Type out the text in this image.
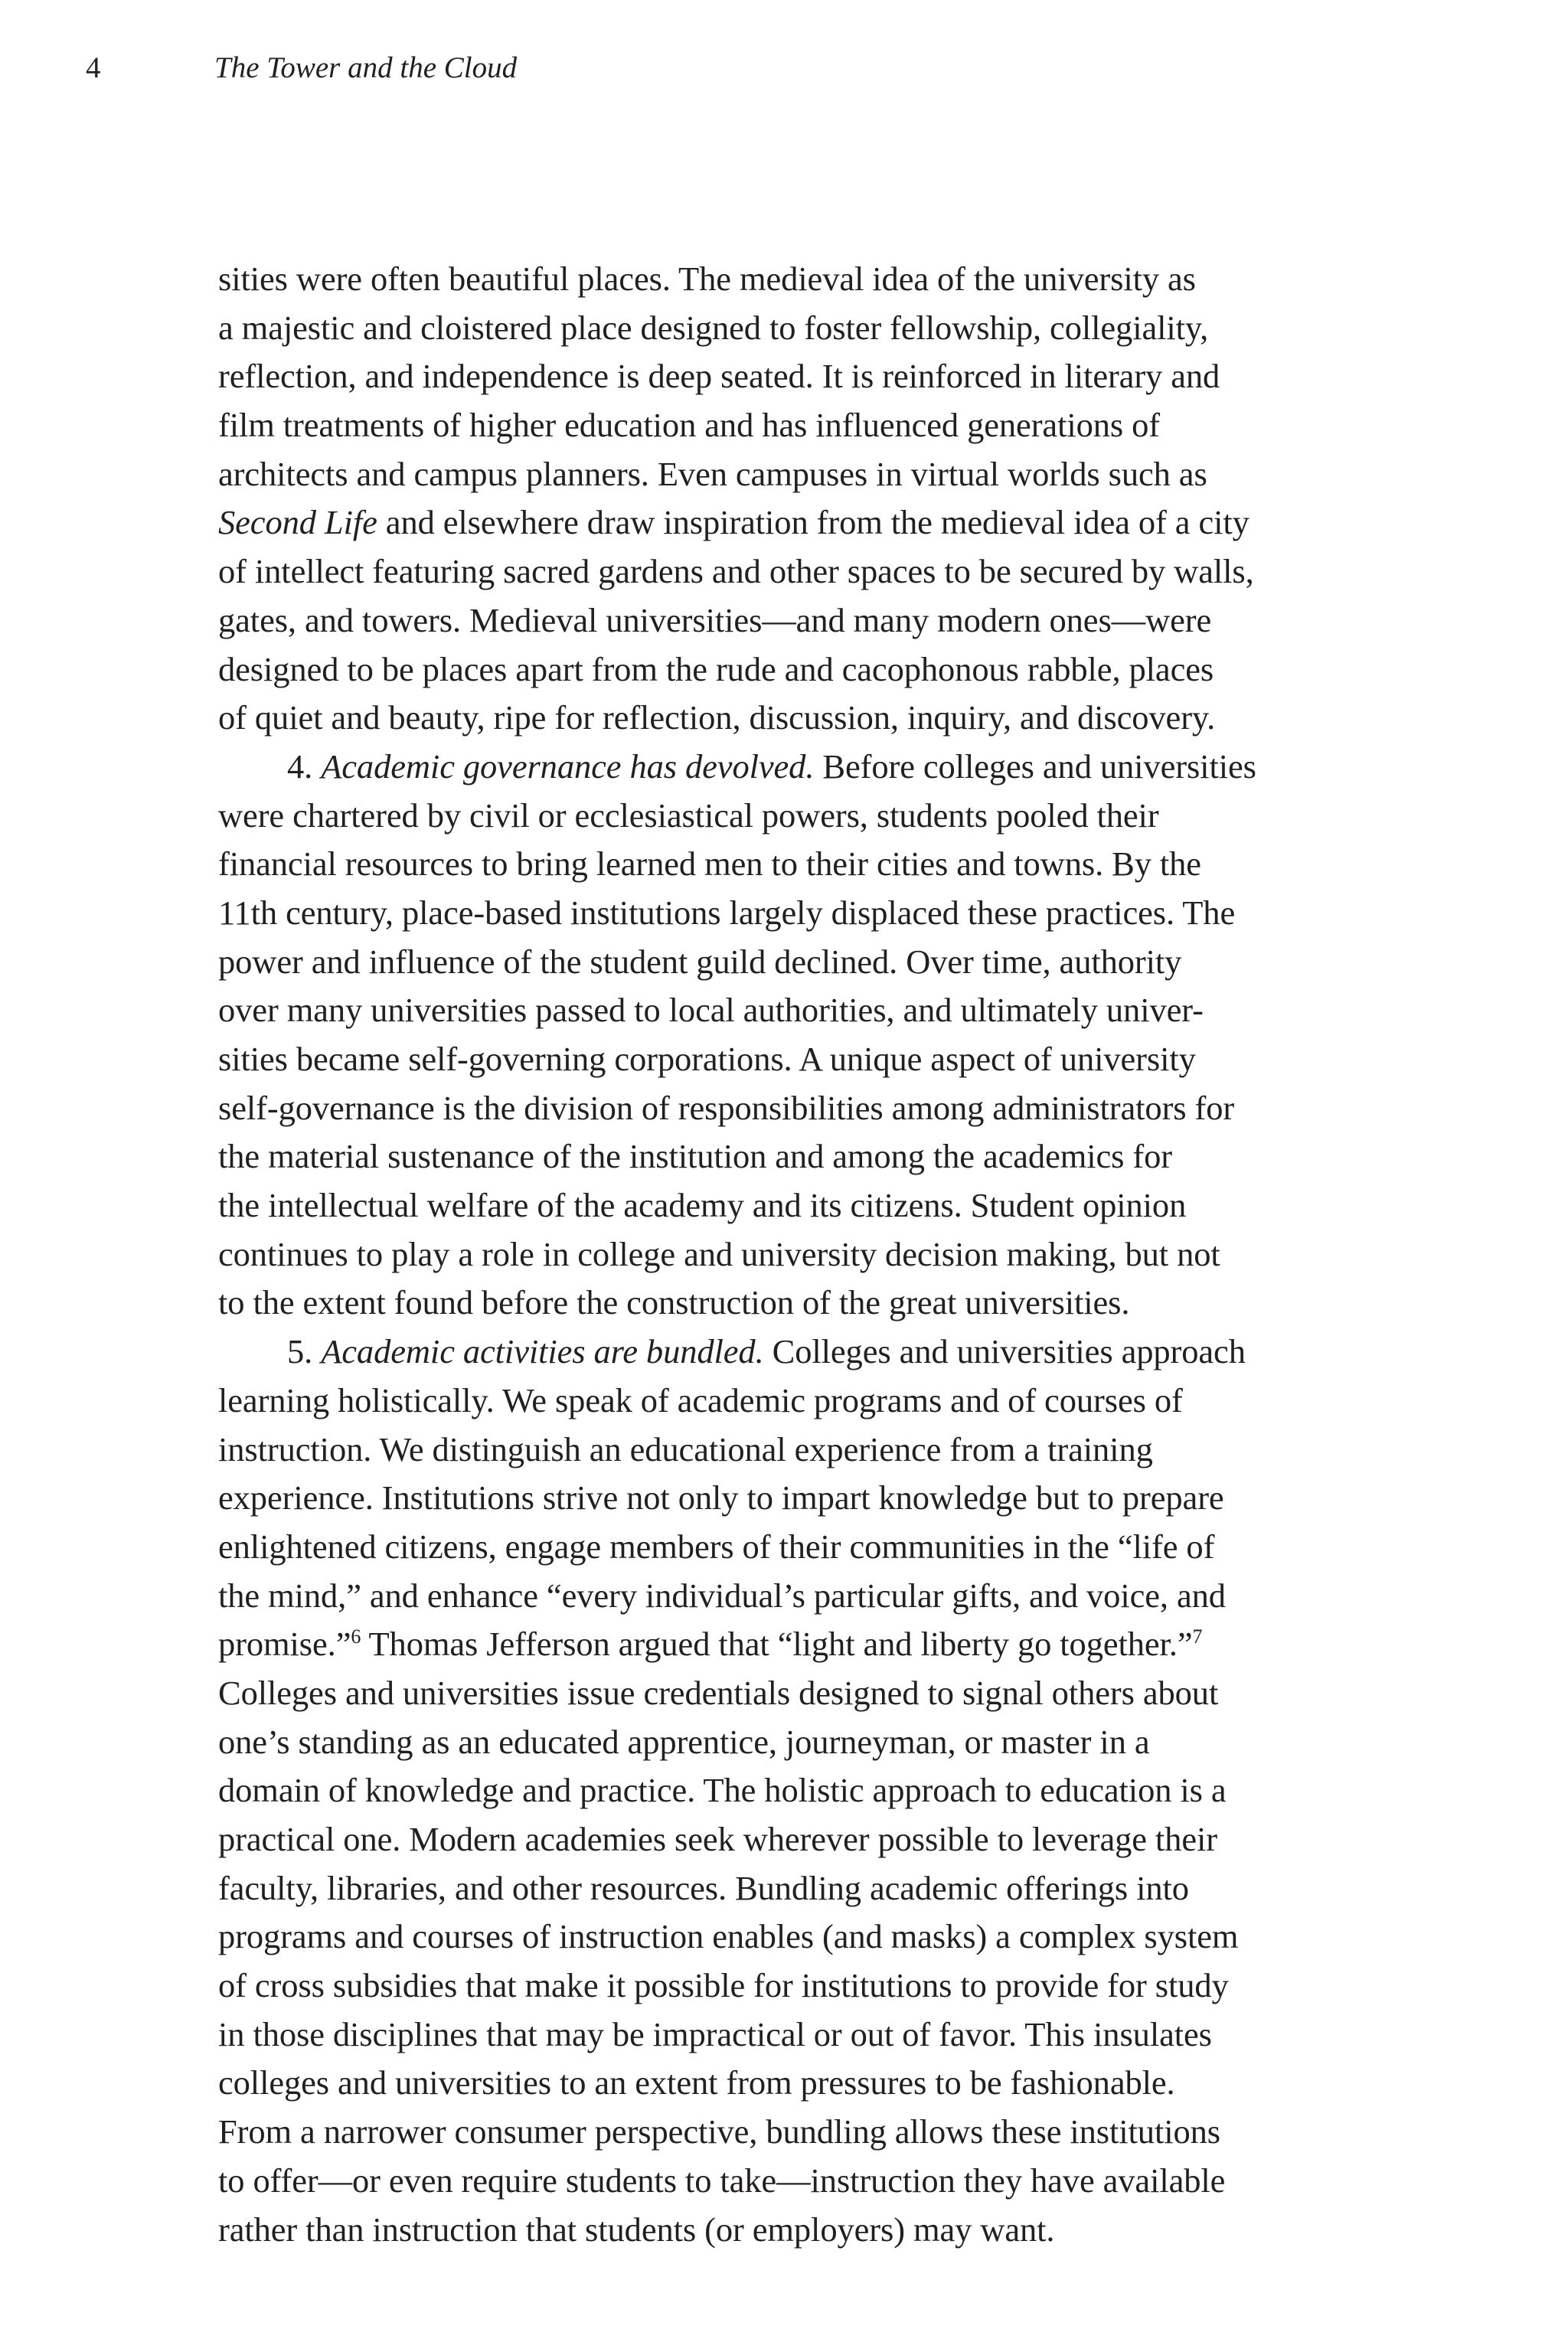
4	The Tower and the Cloud
sities were often beautiful places. The medieval idea of the university as
a majestic and cloistered place designed to foster fellowship, collegiality,
reflection, and independence is deep seated. It is reinforced in literary and
film treatments of higher education and has influenced generations of
architects and campus planners. Even campuses in virtual worlds such as
Second Life and elsewhere draw inspiration from the medieval idea of a city
of intellect featuring sacred gardens and other spaces to be secured by walls,
gates, and towers. Medieval universities—and many modern ones—were
designed to be places apart from the rude and cacophonous rabble, places
of quiet and beauty, ripe for reflection, discussion, inquiry, and discovery.
4. Academic governance has devolved. Before colleges and universities
were chartered by civil or ecclesiastical powers, students pooled their
financial resources to bring learned men to their cities and towns. By the
11th century, place-based institutions largely displaced these practices. The
power and influence of the student guild declined. Over time, authority
over many universities passed to local authorities, and ultimately univer-
sities became self-governing corporations. A unique aspect of university
self-governance is the division of responsibilities among administrators for
the material sustenance of the institution and among the academics for
the intellectual welfare of the academy and its citizens. Student opinion
continues to play a role in college and university decision making, but not
to the extent found before the construction of the great universities.
5. Academic activities are bundled. Colleges and universities approach
learning holistically. We speak of academic programs and of courses of
instruction. We distinguish an educational experience from a training
experience. Institutions strive not only to impart knowledge but to prepare
enlightened citizens, engage members of their communities in the “life of
the mind,” and enhance “every individual’s particular gifts, and voice, and
promise.”$^6$ Thomas Jefferson argued that “light and liberty go together.”$^7$
Colleges and universities issue credentials designed to signal others about
one’s standing as an educated apprentice, journeyman, or master in a
domain of knowledge and practice. The holistic approach to education is a
practical one. Modern academies seek wherever possible to leverage their
faculty, libraries, and other resources. Bundling academic offerings into
programs and courses of instruction enables (and masks) a complex system
of cross subsidies that make it possible for institutions to provide for study
in those disciplines that may be impractical or out of favor. This insulates
colleges and universities to an extent from pressures to be fashionable.
From a narrower consumer perspective, bundling allows these institutions
to offer—or even require students to take—instruction they have available
rather than instruction that students (or employers) may want.
